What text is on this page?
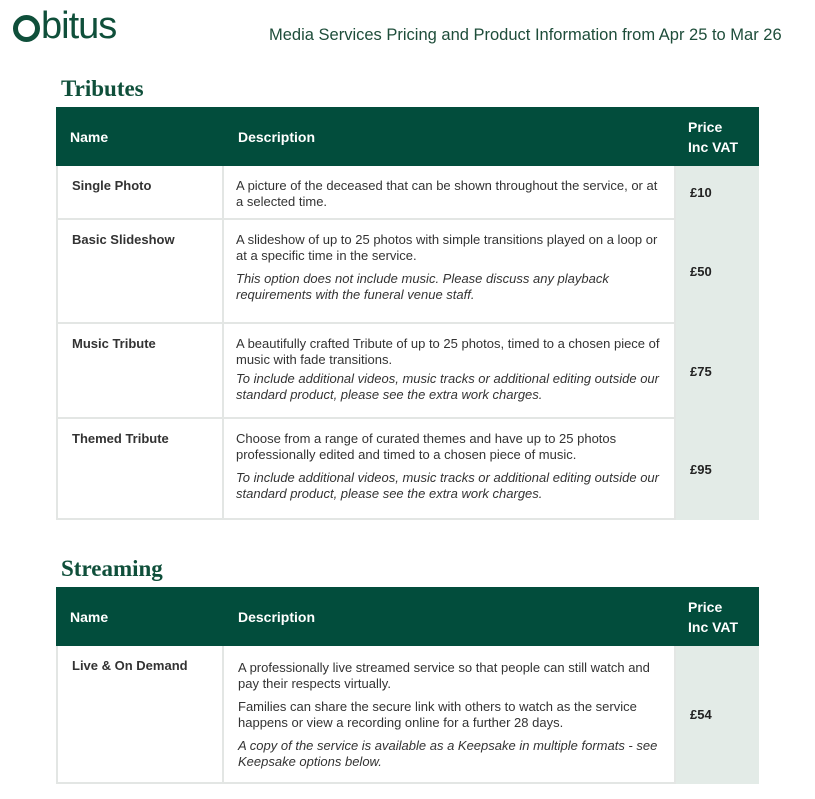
bitus	Media Services Pricing and Product Information from Apr 25 to Mar 26
Tributes
Name	Description	Price
Inc VAT
Single Photo	A picture of the deceased that can be shown throughout the service, or at a selected time.	£10
Basic Slideshow	A slideshow of up to 25 photos with simple transitions played on a loop or at a specific time in the service.

This option does not include music. Please discuss any playback requirements with the funeral venue staff.	£50
Music Tribute	A beautifully crafted Tribute of up to 25 photos, timed to a chosen piece of music with fade transitions.

To include additional videos, music tracks or additional editing outside our standard product, please see the extra work charges.	£75
Themed Tribute	Choose from a range of curated themes and have up to 25 photos professionally edited and timed to a chosen piece of music.

To include additional videos, music tracks or additional editing outside our standard product, please see the extra work charges.	£95
Streaming
Name	Description	Price
Inc VAT
Live & On Demand	A professionally live streamed service so that people can still watch and pay their respects virtually.

Families can share the secure link with others to watch as the service happens or view a recording online for a further 28 days.

A copy of the service is available as a Keepsake in multiple formats - see Keepsake options below.	£54
